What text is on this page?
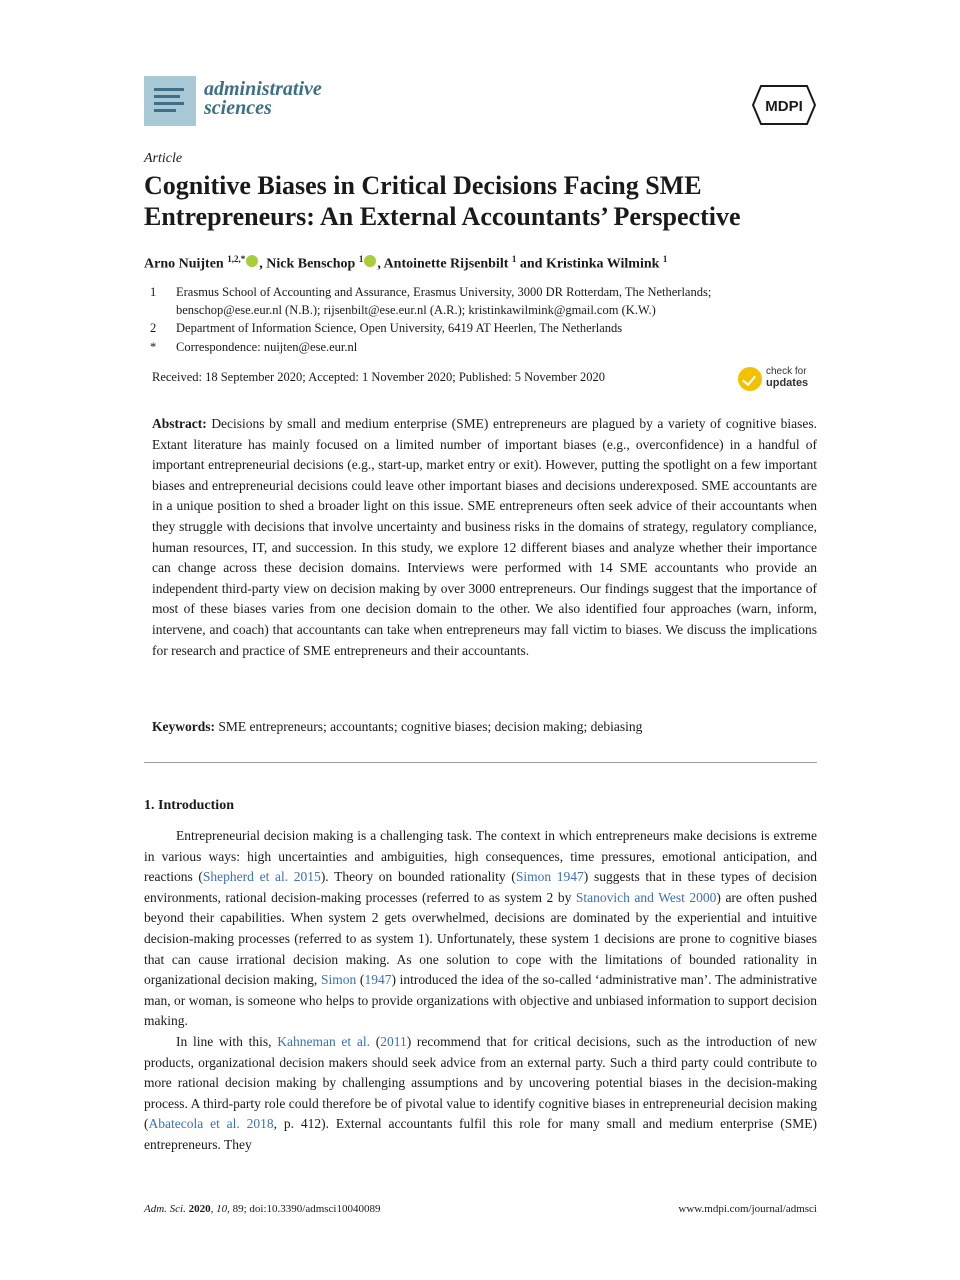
administrative
sciences	MDPI
Article
Cognitive Biases in Critical Decisions Facing SME
Entrepreneurs: An External Accountants’ Perspective
Arno Nuijten $^{1,2,*}$ , Nick Benschop $^1$ , Antoinette Rijsenbilt $^1$ and Kristinka Wilmink $^1$
1	Erasmus School of Accounting and Assurance, Erasmus University, 3000 DR Rotterdam, The Netherlands;
benschop@ese.eur.nl (N.B.); rijsenbilt@ese.eur.nl (A.R.); kristinkawilmink@gmail.com (K.W.)
2	Department of Information Science, Open University, 6419 AT Heerlen, The Netherlands
*	Correspondence: nuijten@ese.eur.nl
Received: 18 September 2020; Accepted: 1 November 2020; Published: 5 November 2020	check for
updates
Abstract: Decisions by small and medium enterprise (SME) entrepreneurs are plagued by a variety of cognitive biases. Extant literature has mainly focused on a limited number of important biases (e.g., overconfidence) in a handful of important entrepreneurial decisions (e.g., start-up, market entry or exit). However, putting the spotlight on a few important biases and entrepreneurial decisions could leave other important biases and decisions underexposed. SME accountants are in a unique position to shed a broader light on this issue. SME entrepreneurs often seek advice of their accountants when they struggle with decisions that involve uncertainty and business risks in the domains of strategy, regulatory compliance, human resources, IT, and succession. In this study, we explore 12 different biases and analyze whether their importance can change across these decision domains. Interviews were performed with 14 SME accountants who provide an independent third-party view on decision making by over 3000 entrepreneurs. Our findings suggest that the importance of most of these biases varies from one decision domain to the other. We also identified four approaches (warn, inform, intervene, and coach) that accountants can take when entrepreneurs may fall victim to biases. We discuss the implications for research and practice of SME entrepreneurs and their accountants.
Keywords: SME entrepreneurs; accountants; cognitive biases; decision making; debiasing
1. Introduction

Entrepreneurial decision making is a challenging task. The context in which entrepreneurs make decisions is extreme in various ways: high uncertainties and ambiguities, high consequences, time pressures, emotional anticipation, and reactions (Shepherd et al. 2015). Theory on bounded rationality (Simon 1947) suggests that in these types of decision environments, rational decision-making processes (referred to as system 2 by Stanovich and West 2000) are often pushed beyond their capabilities. When system 2 gets overwhelmed, decisions are dominated by the experiential and intuitive decision-making processes (referred to as system 1). Unfortunately, these system 1 decisions are prone to cognitive biases that can cause irrational decision making. As one solution to cope with the limitations of bounded rationality in organizational decision making, Simon (1947) introduced the idea of the so-called ‘administrative man’. The administrative man, or woman, is someone who helps to provide organizations with objective and unbiased information to support decision making.

In line with this, Kahneman et al. (2011) recommend that for critical decisions, such as the introduction of new products, organizational decision makers should seek advice from an external party. Such a third party could contribute to more rational decision making by challenging assumptions and by uncovering potential biases in the decision-making process. A third-party role could therefore be of pivotal value to identify cognitive biases in entrepreneurial decision making (Abatecola et al. 2018, p. 412). External accountants fulfil this role for many small and medium enterprise (SME) entrepreneurs. They

Adm. Sci. 2020, 10, 89; doi:10.3390/admsci10040089	www.mdpi.com/journal/admsci
